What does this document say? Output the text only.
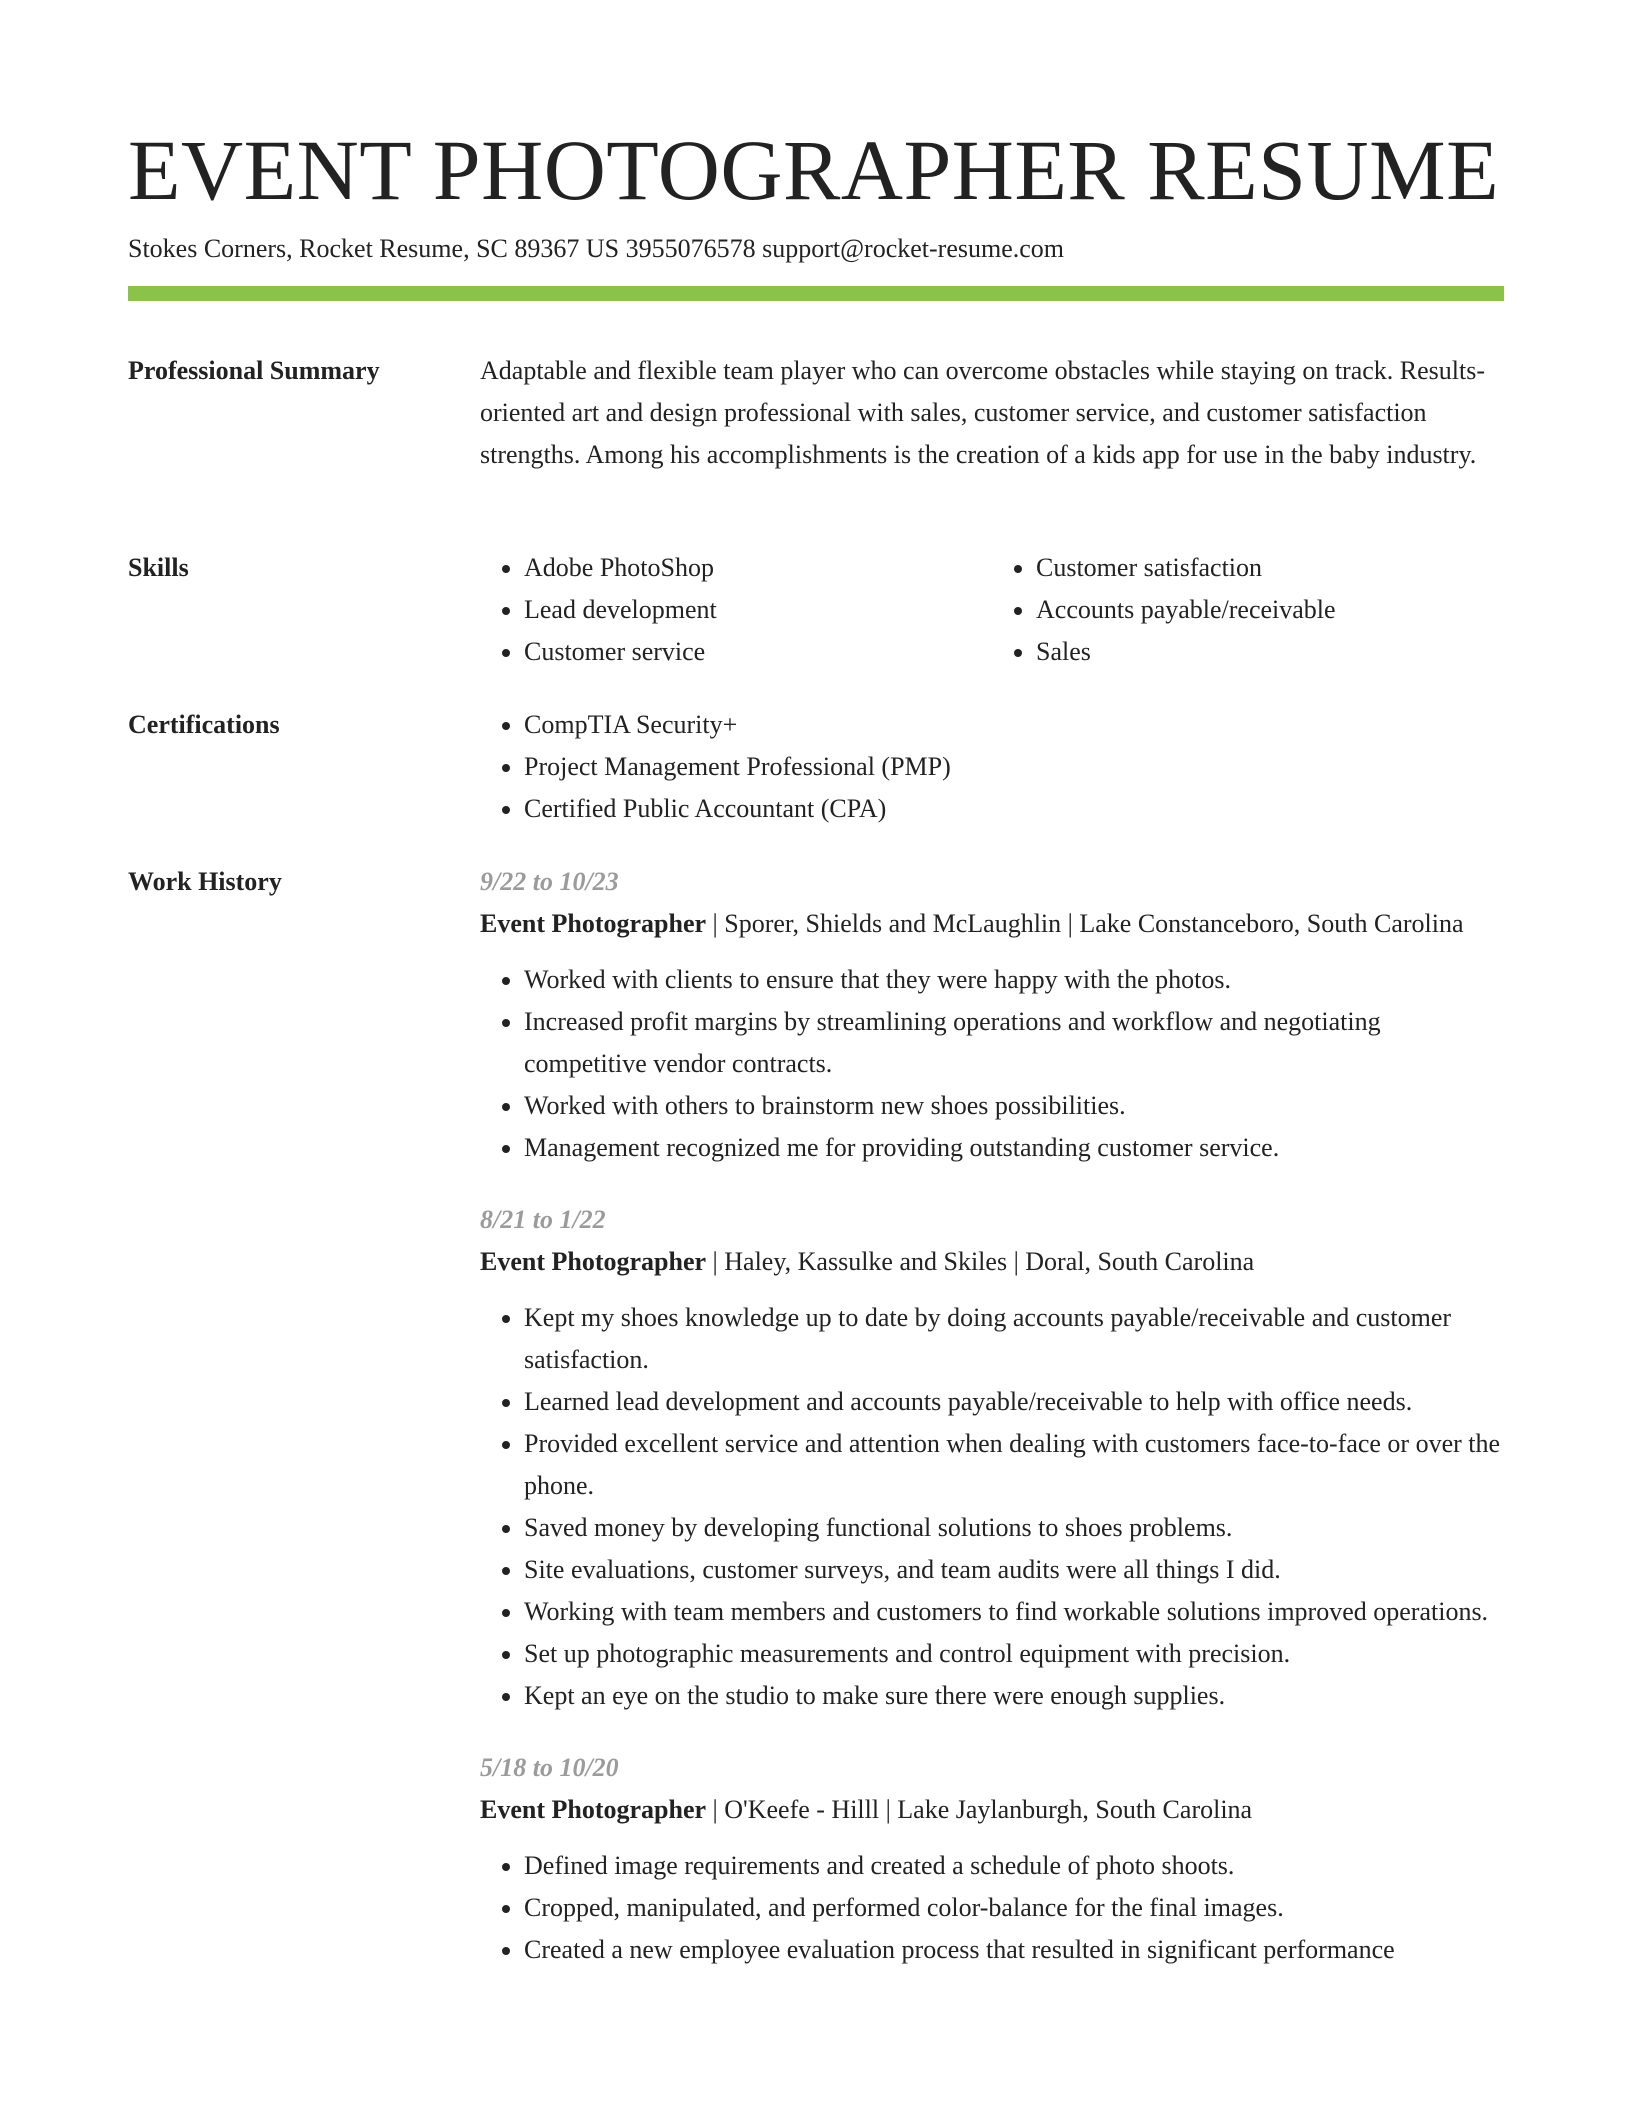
EVENT PHOTOGRAPHER RESUME

Stokes Corners, Rocket Resume, SC 89367 US 3955076578 support@rocket-resume.com

Professional Summary	Adaptable and flexible team player who can overcome obstacles while staying on track. Results-oriented art and design professional with sales, customer service, and customer satisfaction strengths. Among his accomplishments is the creation of a kids app for use in the baby industry.

Skills	• Adobe PhotoShop
• Lead development
• Customer service
• Customer satisfaction
• Accounts payable/receivable
• Sales
Certifications	• CompTIA Security+
• Project Management Professional (PMP)
• Certified Public Accountant (CPA)
Work History	9/22 to 10/23

Event Photographer | Sporer, Shields and McLaughlin | Lake Constanceboro, South Carolina

• Worked with clients to ensure that they were happy with the photos.
• Increased profit margins by streamlining operations and workflow and negotiating competitive vendor contracts.
• Worked with others to brainstorm new shoes possibilities.
• Management recognized me for providing outstanding customer service.

8/21 to 1/22

Event Photographer | Haley, Kassulke and Skiles | Doral, South Carolina

• Kept my shoes knowledge up to date by doing accounts payable/receivable and customer satisfaction.
• Learned lead development and accounts payable/receivable to help with office needs.
• Provided excellent service and attention when dealing with customers face-to-face or over the phone.
• Saved money by developing functional solutions to shoes problems.
• Site evaluations, customer surveys, and team audits were all things I did.
• Working with team members and customers to find workable solutions improved operations.
• Set up photographic measurements and control equipment with precision.
• Kept an eye on the studio to make sure there were enough supplies.

5/18 to 10/20

Event Photographer | O'Keefe - Hilll | Lake Jaylanburgh, South Carolina

• Defined image requirements and created a schedule of photo shoots.
• Cropped, manipulated, and performed color-balance for the final images.
• Created a new employee evaluation process that resulted in significant performance
